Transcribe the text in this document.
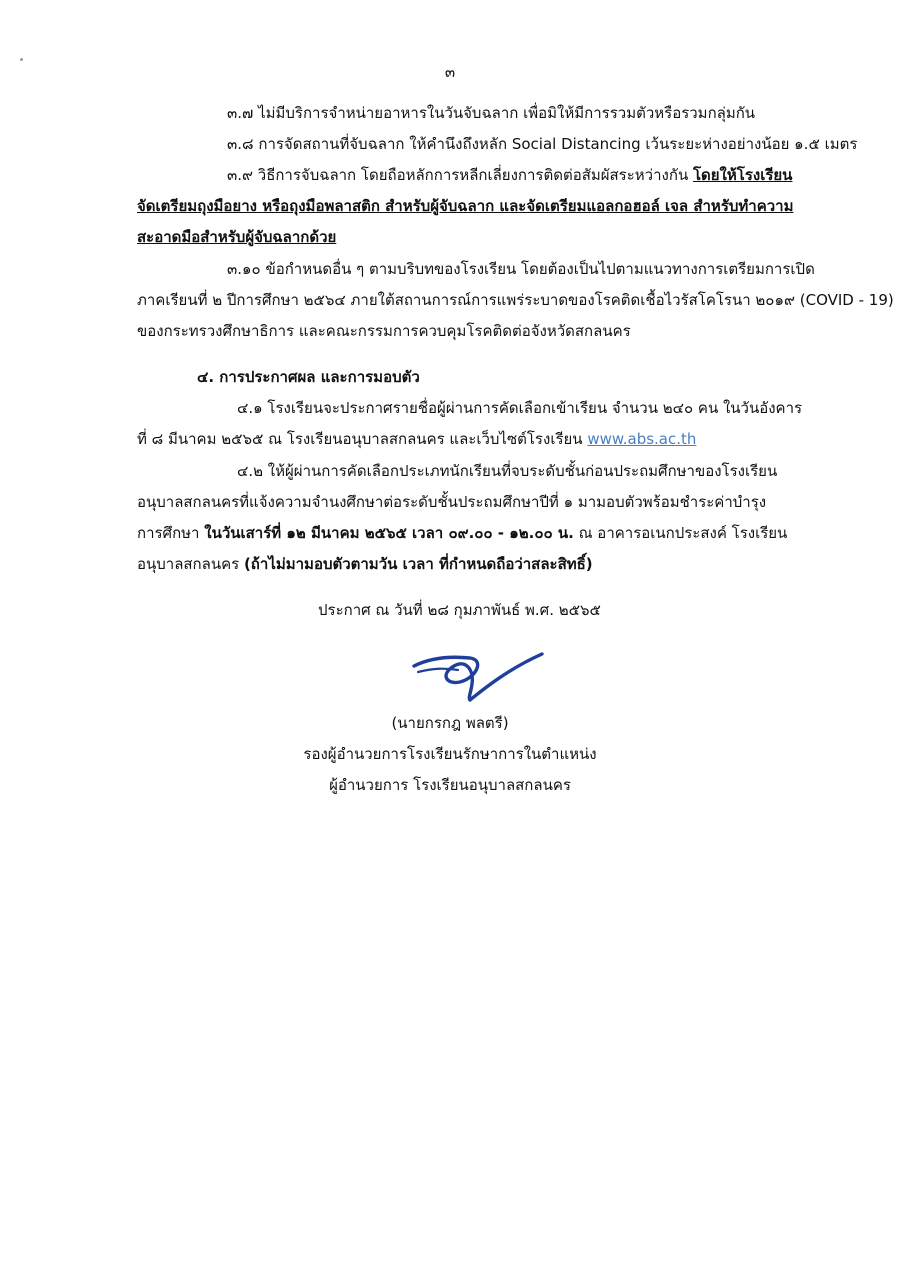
๓
๓.๗ ไม่มีบริการจำหน่ายอาหารในวันจับฉลาก เพื่อมิให้มีการรวมตัวหรือรวมกลุ่มกัน
๓.๘ การจัดสถานที่จับฉลาก ให้คำนึงถึงหลัก Social Distancing เว้นระยะห่างอย่างน้อย ๑.๕ เมตร
๓.๙ วิธีการจับฉลาก โดยถือหลักการหลีกเลี่ยงการติดต่อสัมผัสระหว่างกัน โดยให้โรงเรียน
จัดเตรียมถุงมือยาง หรือถุงมือพลาสติก สำหรับผู้จับฉลาก และจัดเตรียมแอลกอฮอล์ เจล สำหรับทำความ
สะอาดมือสำหรับผู้จับฉลากด้วย
๓.๑๐ ข้อกำหนดอื่น ๆ ตามบริบทของโรงเรียน โดยต้องเป็นไปตามแนวทางการเตรียมการเปิด
ภาคเรียนที่ ๒ ปีการศึกษา ๒๕๖๔ ภายใต้สถานการณ์การแพร่ระบาดของโรคติดเชื้อไวรัสโคโรนา ๒๐๑๙ (COVID - 19)
ของกระทรวงศึกษาธิการ และคณะกรรมการควบคุมโรคติดต่อจังหวัดสกลนคร
๔. การประกาศผล และการมอบตัว
๔.๑ โรงเรียนจะประกาศรายชื่อผู้ผ่านการคัดเลือกเข้าเรียน จำนวน ๒๔๐ คน ในวันอังคาร
ที่ ๘ มีนาคม ๒๕๖๕ ณ โรงเรียนอนุบาลสกลนคร และเว็บไซต์โรงเรียน www.abs.ac.th
๔.๒ ให้ผู้ผ่านการคัดเลือกประเภทนักเรียนที่จบระดับชั้นก่อนประถมศึกษาของโรงเรียน
อนุบาลสกลนครที่แจ้งความจำนงศึกษาต่อระดับชั้นประถมศึกษาปีที่ ๑ มามอบตัวพร้อมชำระค่าบำรุง
การศึกษา ในวันเสาร์ที่ ๑๒ มีนาคม ๒๕๖๕ เวลา ๐๙.๐๐ - ๑๒.๐๐ น. ณ อาคารอเนกประสงค์ โรงเรียน
อนุบาลสกลนคร (ถ้าไม่มามอบตัวตามวัน เวลา ที่กำหนดถือว่าสละสิทธิ์)
ประกาศ ณ วันที่ ๒๘ กุมภาพันธ์ พ.ศ. ๒๕๖๕
(นายกรกฎ พลตรี)
รองผู้อำนวยการโรงเรียนรักษาการในตำแหน่ง
ผู้อำนวยการ โรงเรียนอนุบาลสกลนคร
